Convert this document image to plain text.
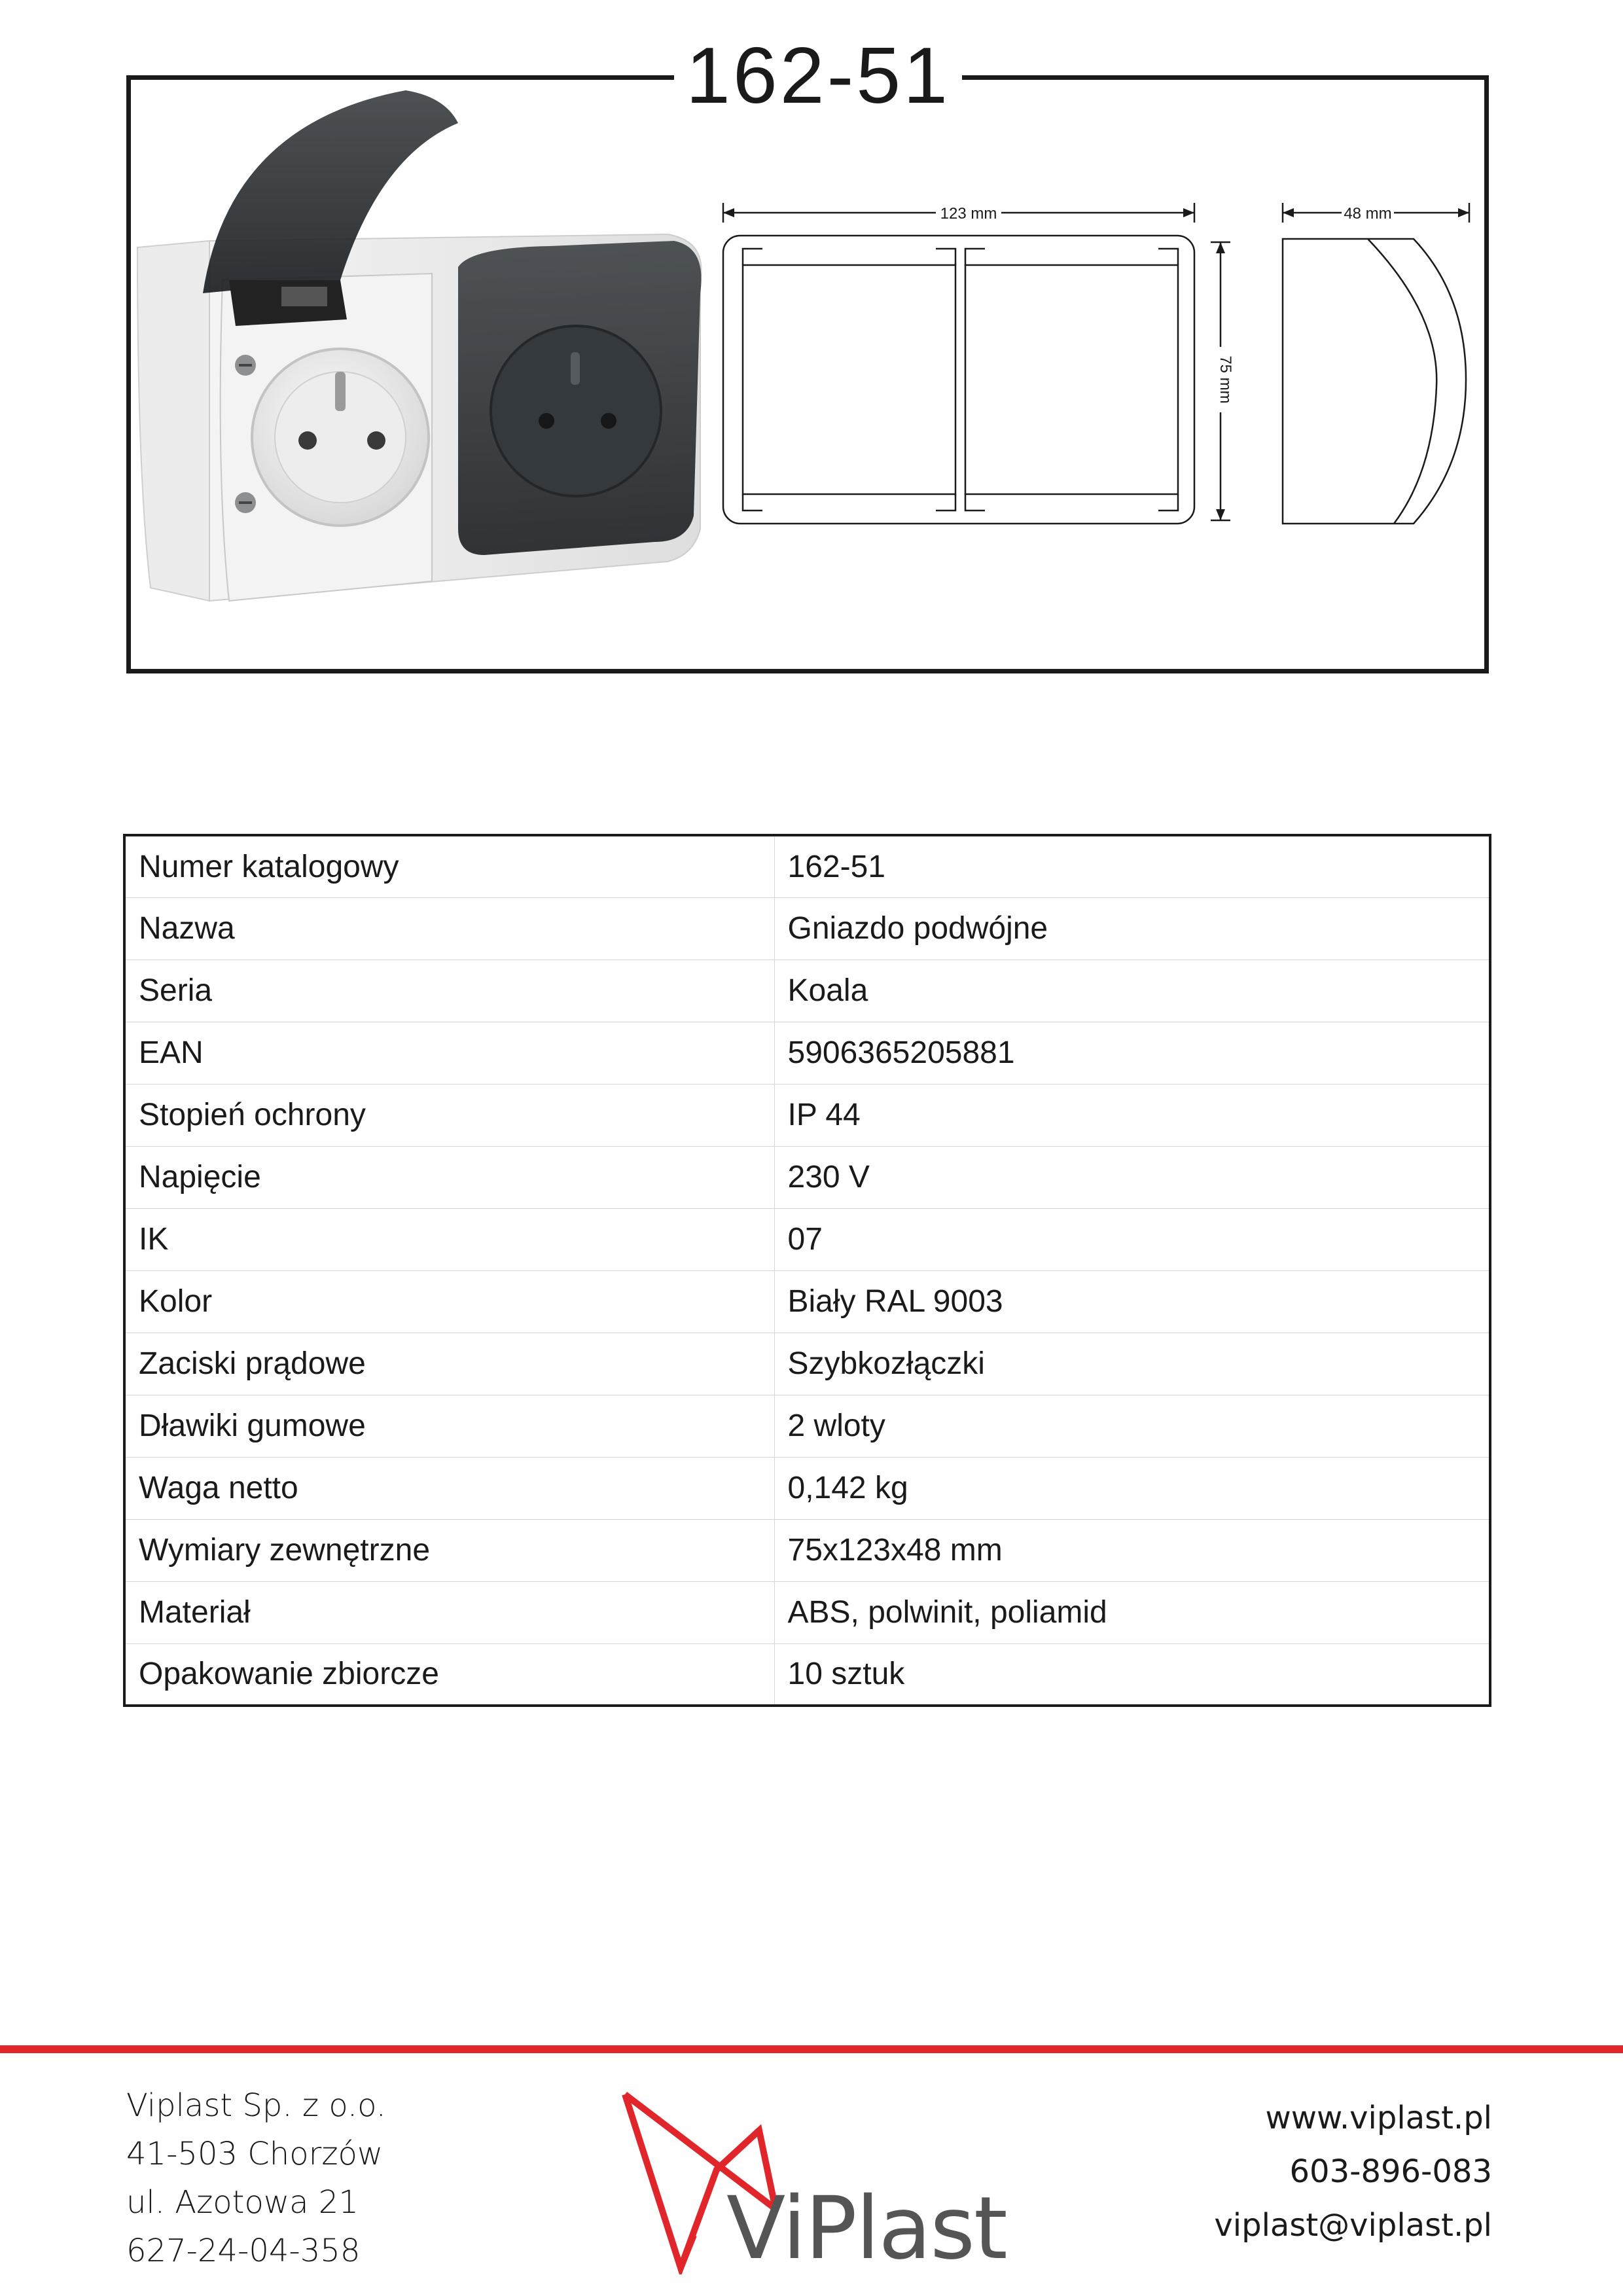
162-51
123 mm
75 mm
48 mm
Numer katalogowy	162-51
Nazwa	Gniazdo podwójne
Seria	Koala
EAN	5906365205881
Stopień ochrony	IP 44
Napięcie	230 V
IK	07
Kolor	Biały RAL 9003
Zaciski prądowe	Szybkozłączki
Dławiki gumowe	2 wloty
Waga netto	0,142 kg
Wymiary zewnętrzne	75x123x48 mm
Materiał	ABS, polwinit, poliamid
Opakowanie zbiorcze	10 sztuk
Viplast Sp. z o.o.
41-503 Chorzów
ul. Azotowa 21
627-24-04-358	ViPlast
www.viplast.pl
603-896-083
viplast@viplast.pl
